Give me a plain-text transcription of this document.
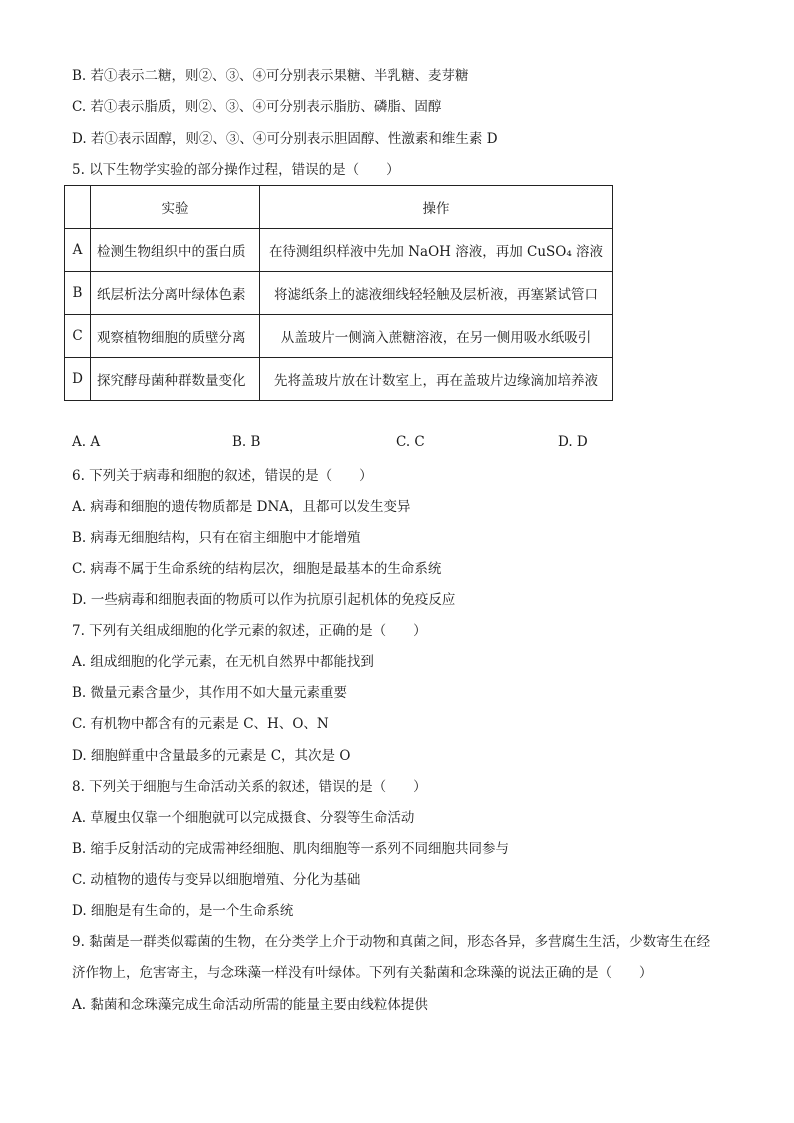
B. 若①表示二糖，则②、③、④可分别表示果糖、半乳糖、麦芽糖
C. 若①表示脂质，则②、③、④可分别表示脂肪、磷脂、固醇
D. 若①表示固醇，则②、③、④可分别表示胆固醇、性激素和维生素 D
5. 以下生物学实验的部分操作过程，错误的是（　　）
	实验	操作
A	检测生物组织中的蛋白质	在待测组织样液中先加 NaOH 溶液，再加 CuSO₄ 溶液
B	纸层析法分离叶绿体色素	将滤纸条上的滤液细线轻轻触及层析液，再塞紧试管口
C	观察植物细胞的质壁分离	从盖玻片一侧滴入蔗糖溶液，在另一侧用吸水纸吸引
D	探究酵母菌种群数量变化	先将盖玻片放在计数室上，再在盖玻片边缘滴加培养液
A. A	B. B	C. C	D. D
6. 下列关于病毒和细胞的叙述，错误的是（　　）
A. 病毒和细胞的遗传物质都是 DNA，且都可以发生变异
B. 病毒无细胞结构，只有在宿主细胞中才能增殖
C. 病毒不属于生命系统的结构层次，细胞是最基本的生命系统
D. 一些病毒和细胞表面的物质可以作为抗原引起机体的免疫反应
7. 下列有关组成细胞的化学元素的叙述，正确的是（　　）
A. 组成细胞的化学元素，在无机自然界中都能找到
B. 微量元素含量少，其作用不如大量元素重要
C. 有机物中都含有的元素是 C、H、O、N
D. 细胞鲜重中含量最多的元素是 C，其次是 O
8. 下列关于细胞与生命活动关系的叙述，错误的是（　　）
A. 草履虫仅靠一个细胞就可以完成摄食、分裂等生命活动
B. 缩手反射活动的完成需神经细胞、肌肉细胞等一系列不同细胞共同参与
C. 动植物的遗传与变异以细胞增殖、分化为基础
D. 细胞是有生命的，是一个生命系统
9. 黏菌是一群类似霉菌的生物，在分类学上介于动物和真菌之间，形态各异，多营腐生生活，少数寄生在经济作物上，危害寄主，与念珠藻一样没有叶绿体。下列有关黏菌和念珠藻的说法正确的是（　　）
A. 黏菌和念珠藻完成生命活动所需的能量主要由线粒体提供
